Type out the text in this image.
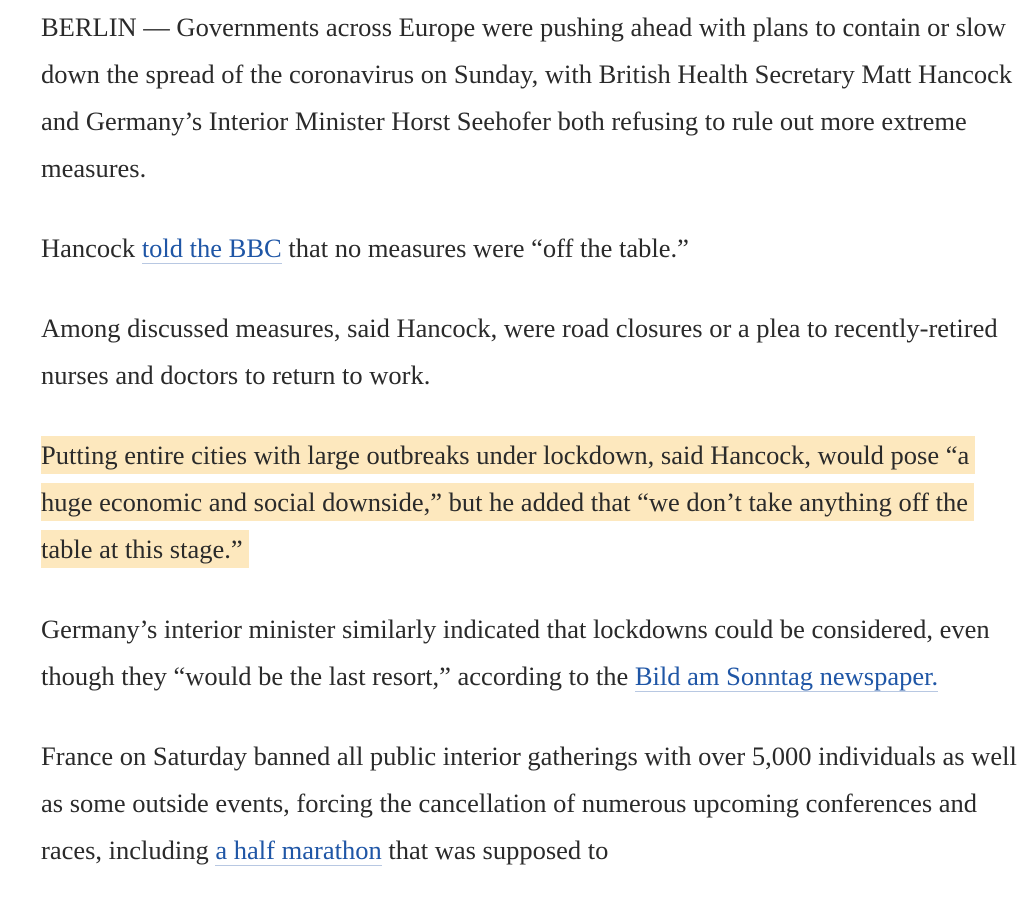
BERLIN — Governments across Europe were pushing ahead with plans to contain or slow down the spread of the coronavirus on Sunday, with British Health Secretary Matt Hancock and Germany’s Interior Minister Horst Seehofer both refusing to rule out more extreme measures.

Hancock told the BBC that no measures were “off the table.”

Among discussed measures, said Hancock, were road closures or a plea to recently-retired nurses and doctors to return to work.

Putting entire cities with large outbreaks under lockdown, said Hancock, would pose “a huge economic and social downside,” but he added that “we don’t take anything off the table at this stage.”

Germany’s interior minister similarly indicated that lockdowns could be considered, even though they “would be the last resort,” according to the Bild am Sonntag newspaper.

France on Saturday banned all public interior gatherings with over 5,000 individuals as well as some outside events, forcing the cancellation of numerous upcoming conferences and races, including a half marathon that was supposed to
